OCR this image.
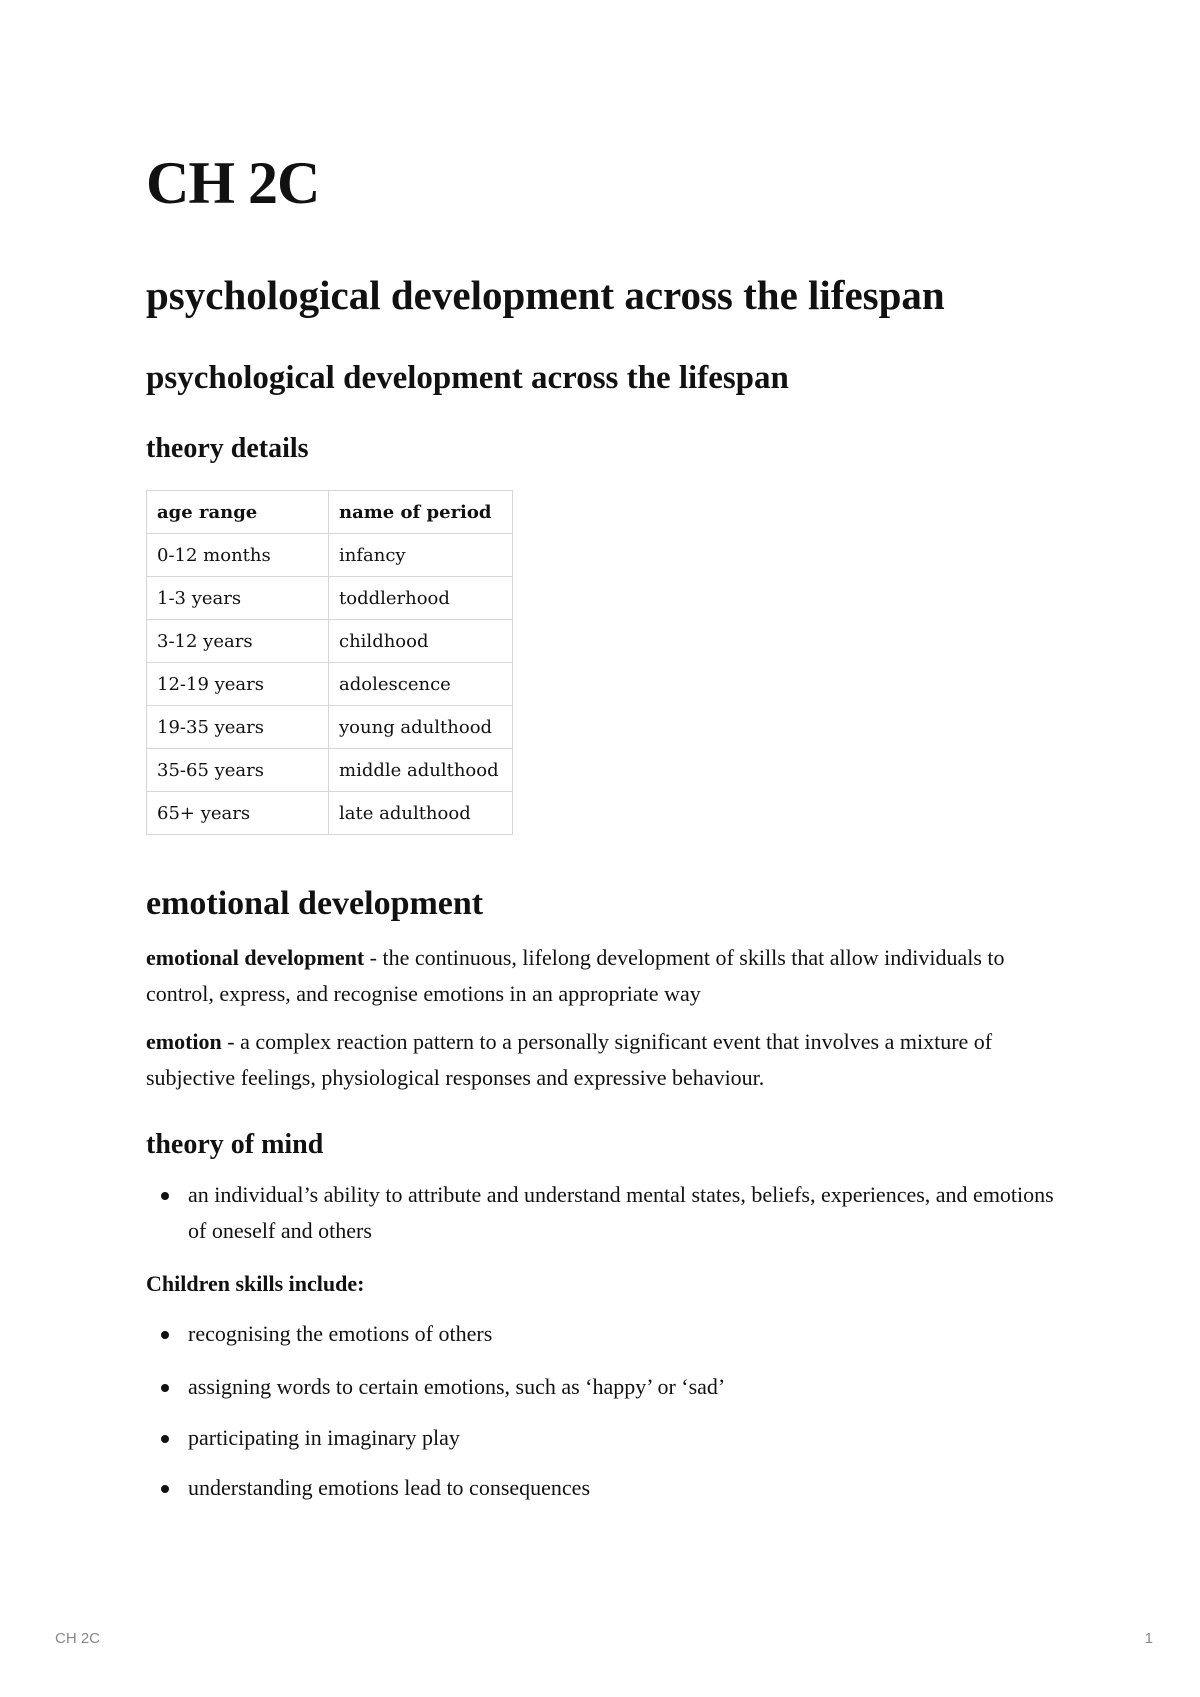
CH 2C
psychological development across the lifespan
psychological development across the lifespan
theory details
age range	name of period
0-12 months	infancy
1-3 years	toddlerhood
3-12 years	childhood
12-19 years	adolescence
19-35 years	young adulthood
35-65 years	middle adulthood
65+ years	late adulthood
emotional development

emotional development - the continuous, lifelong development of skills that allow individuals to control, express, and recognise emotions in an appropriate way

emotion - a complex reaction pattern to a personally significant event that involves a mixture of subjective feelings, physiological responses and expressive behaviour.

theory of mind
an individual’s ability to attribute and understand mental states, beliefs, experiences, and emotions of oneself and others

Children skills include:

recognising the emotions of others
assigning words to certain emotions, such as ‘happy’ or ‘sad’
participating in imaginary play
understanding emotions lead to consequences
CH 2C	1
